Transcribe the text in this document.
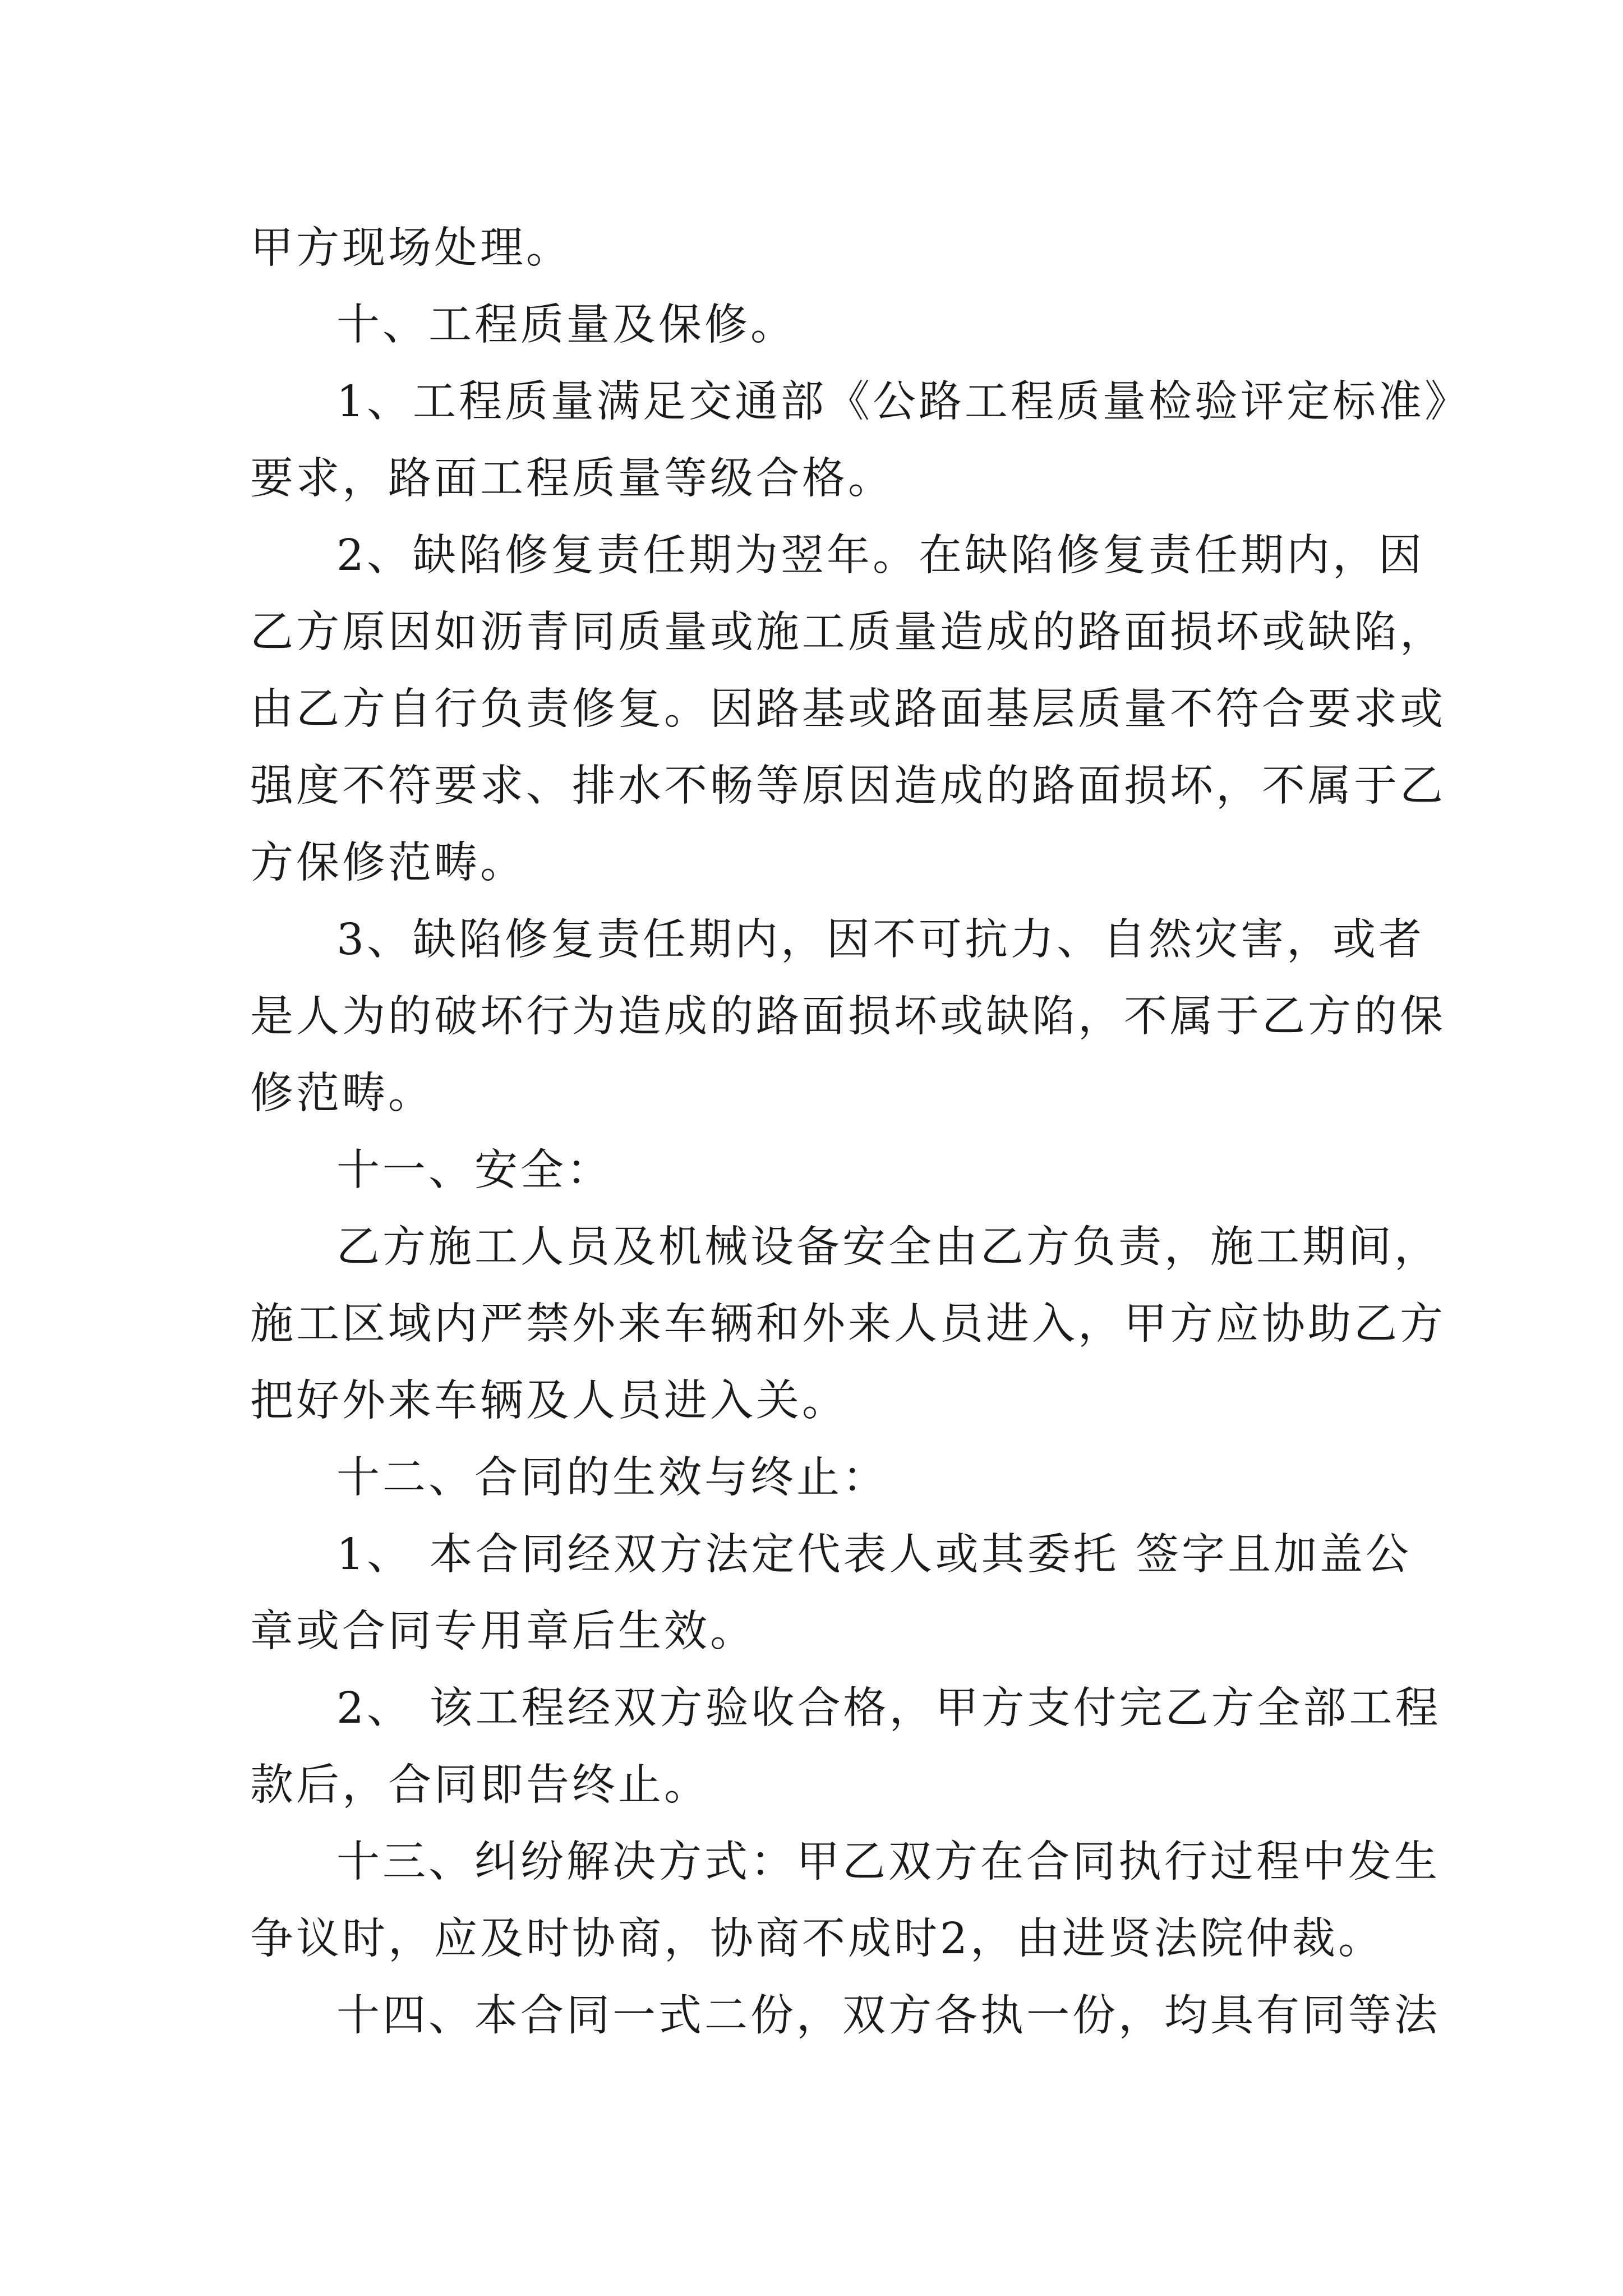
甲方现场处理。
十、工程质量及保修。
1、工程质量满足交通部《公路工程质量检验评定标准》
要求，路面工程质量等级合格。
2、缺陷修复责任期为翌年。在缺陷修复责任期内，因
乙方原因如沥青同质量或施工质量造成的路面损坏或缺陷，
由乙方自行负责修复。因路基或路面基层质量不符合要求或
强度不符要求、排水不畅等原因造成的路面损坏，不属于乙
方保修范畴。
3、缺陷修复责任期内，因不可抗力、自然灾害，或者
是人为的破坏行为造成的路面损坏或缺陷，不属于乙方的保
修范畴。
十一、安全：
乙方施工人员及机械设备安全由乙方负责，施工期间，
施工区域内严禁外来车辆和外来人员进入，甲方应协助乙方
把好外来车辆及人员进入关。
十二、合同的生效与终止：
1、 本合同经双方法定代表人或其委托 签字且加盖公
章或合同专用章后生效。
2、 该工程经双方验收合格，甲方支付完乙方全部工程
款后，合同即告终止。
十三、纠纷解决方式：甲乙双方在合同执行过程中发生
争议时，应及时协商，协商不成时2，由进贤法院仲裁。
十四、本合同一式二份，双方各执一份，均具有同等法
